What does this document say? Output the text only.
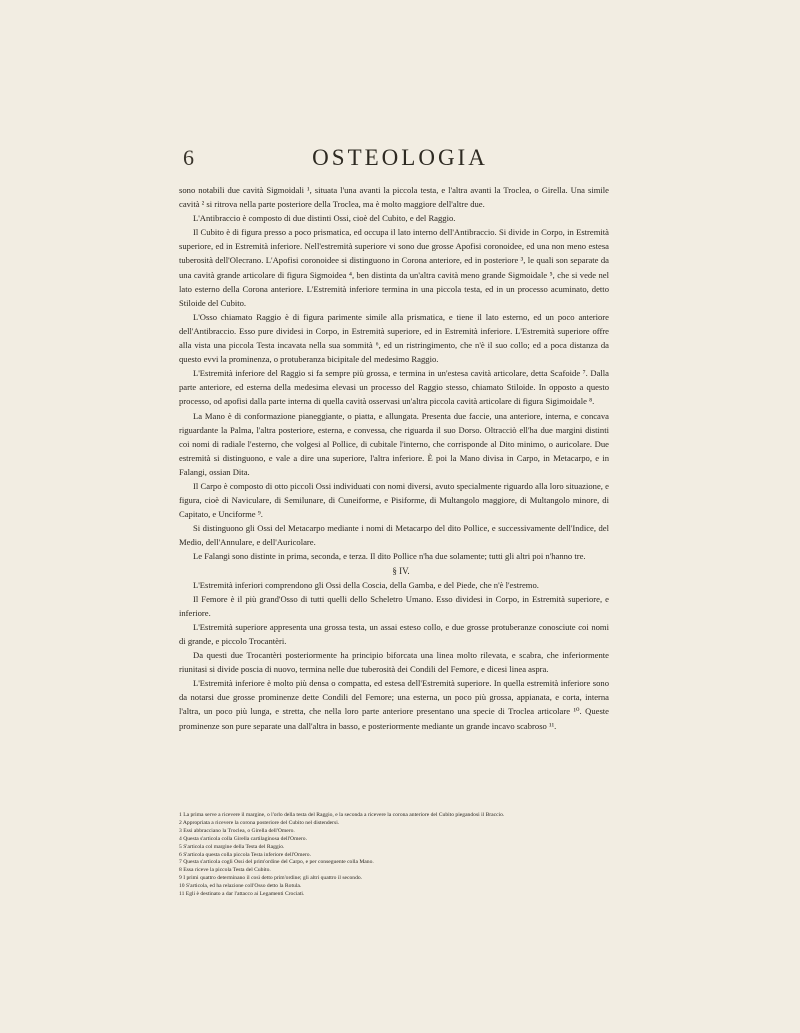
6	OSTEOLOGIA

sono notabili due cavità Sigmoidali ¹, situata l'una avanti la piccola testa, e l'altra avanti la Troclea, o Girella. Una simile cavità ² si ritrova nella parte posteriore della Troclea, ma è molto maggiore dell'altre due.

L'Antibraccio è composto di due distinti Ossi, cioè del Cubito, e del Raggio.

Il Cubito è di figura presso a poco prismatica, ed occupa il lato interno dell'Antibraccio. Si divide in Corpo, in Estremità superiore, ed in Estremità inferiore. Nell'estremità superiore vi sono due grosse Apofisi coronoidee, ed una non meno estesa tuberosità dell'Olecrano. L'Apofisi coronoidee si distinguono in Corona anteriore, ed in posteriore ³, le quali son separate da una cavità grande articolare di figura Sigmoidea ⁴, ben distinta da un'altra cavità meno grande Sigmoidale ⁵, che si vede nel lato esterno della Corona anteriore. L'Estremità inferiore termina in una piccola testa, ed in un processo acuminato, detto Stiloide del Cubito.

L'Osso chiamato Raggio è di figura parimente simile alla prismatica, e tiene il lato esterno, ed un poco anteriore dell'Antibraccio. Esso pure dividesi in Corpo, in Estremità superiore, ed in Estremità inferiore. L'Estremità superiore offre alla vista una piccola Testa incavata nella sua sommità ⁶, ed un ristringimento, che n'è il suo collo; ed a poca distanza da questo evvi la prominenza, o protuberanza bicipitale del medesimo Raggio.

L'Estremità inferiore del Raggio si fa sempre più grossa, e termina in un'estesa cavità articolare, detta Scafoide ⁷. Dalla parte anteriore, ed esterna della medesima elevasi un processo del Raggio stesso, chiamato Stiloide. In opposto a questo processo, od apofisi dalla parte interna di quella cavità osservasi un'altra piccola cavità articolare di figura Sigimoidale ⁸.

La Mano è di conformazione pianeggiante, o piatta, e allungata. Presenta due faccie, una anteriore, interna, e concava riguardante la Palma, l'altra posteriore, esterna, e convessa, che riguarda il suo Dorso. Oltracciò ell'ha due margini distinti coi nomi di radiale l'esterno, che volgesi al Pollice, di cubitale l'interno, che corrisponde al Dito minimo, o auricolare. Due estremità si distinguono, e vale a dire una superiore, l'altra inferiore. È poi la Mano divisa in Carpo, in Metacarpo, e in Falangi, ossian Dita.

Il Carpo è composto di otto piccoli Ossi individuati con nomi diversi, avuto specialmente riguardo alla loro situazione, e figura, cioè di Naviculare, di Semilunare, di Cuneiforme, e Pisiforme, di Multangolo maggiore, di Multangolo minore, di Capitato, e Unciforme ⁹.

Si distinguono gli Ossi del Metacarpo mediante i nomi di Metacarpo del dito Pollice, e successivamente dell'Indice, del Medio, dell'Annulare, e dell'Auricolare.

Le Falangi sono distinte in prima, seconda, e terza. Il dito Pollice n'ha due solamente; tutti gli altri poi n'hanno tre.

§ IV.

L'Estremità inferiori comprendono gli Ossi della Coscia, della Gamba, e del Piede, che n'è l'estremo.

Il Femore è il più grand'Osso di tutti quelli dello Scheletro Umano. Esso dividesi in Corpo, in Estremità superiore, e inferiore.

L'Estremità superiore appresenta una grossa testa, un assai esteso collo, e due grosse protuberanze conosciute coi nomi di grande, e piccolo Trocantèri.

Da questi due Trocantèri posteriormente ha principio biforcata una linea molto rilevata, e scabra, che inferiormente riunitasi si divide poscia di nuovo, termina nelle due tuberosità dei Condili del Femore, e dicesi linea aspra.

L'Estremità inferiore è molto più densa o compatta, ed estesa dell'Estremità superiore. In quella estremità inferiore sono da notarsi due grosse prominenze dette Condili del Femore; una esterna, un poco più grossa, appianata, e corta, interna l'altra, un poco più lunga, e stretta, che nella loro parte anteriore presentano una specie di Troclea articolare ¹⁰. Queste prominenze son pure separate una dall'altra in basso, e posteriormente mediante un grande incavo scabroso ¹¹.

1 La prima serve a ricevere il margine, o l'orlo della testa del Raggio, e la seconda a ricevere la corona anteriore del Cubito piegandosi il Braccio.
2 Appropriata a ricevere la corona posteriore del Cubito nel distendersi.
3 Essi abbracciano la Troclea, o Girella dell'Omero.
4 Questa s'articola colla Girella cartilaginosa dell'Omero.
5 S'articola col margine della Testa del Raggio.
6 S'articola questa colla piccola Testa inferiore dell'Omero.
7 Questa s'articola cogli Ossi del prim'ordine del Carpo, e per conseguente colla Mano.
8 Essa riceve la piccola Testa del Cubito.
9 I primi quattro determinano il così detto prim'ordine; gli altri quattro il secondo.
10 S'articola, ed ha relazione coll'Osso detto la Rotula.
11 Egli è destinato a dar l'attacco ai Legamenti Crociati.
